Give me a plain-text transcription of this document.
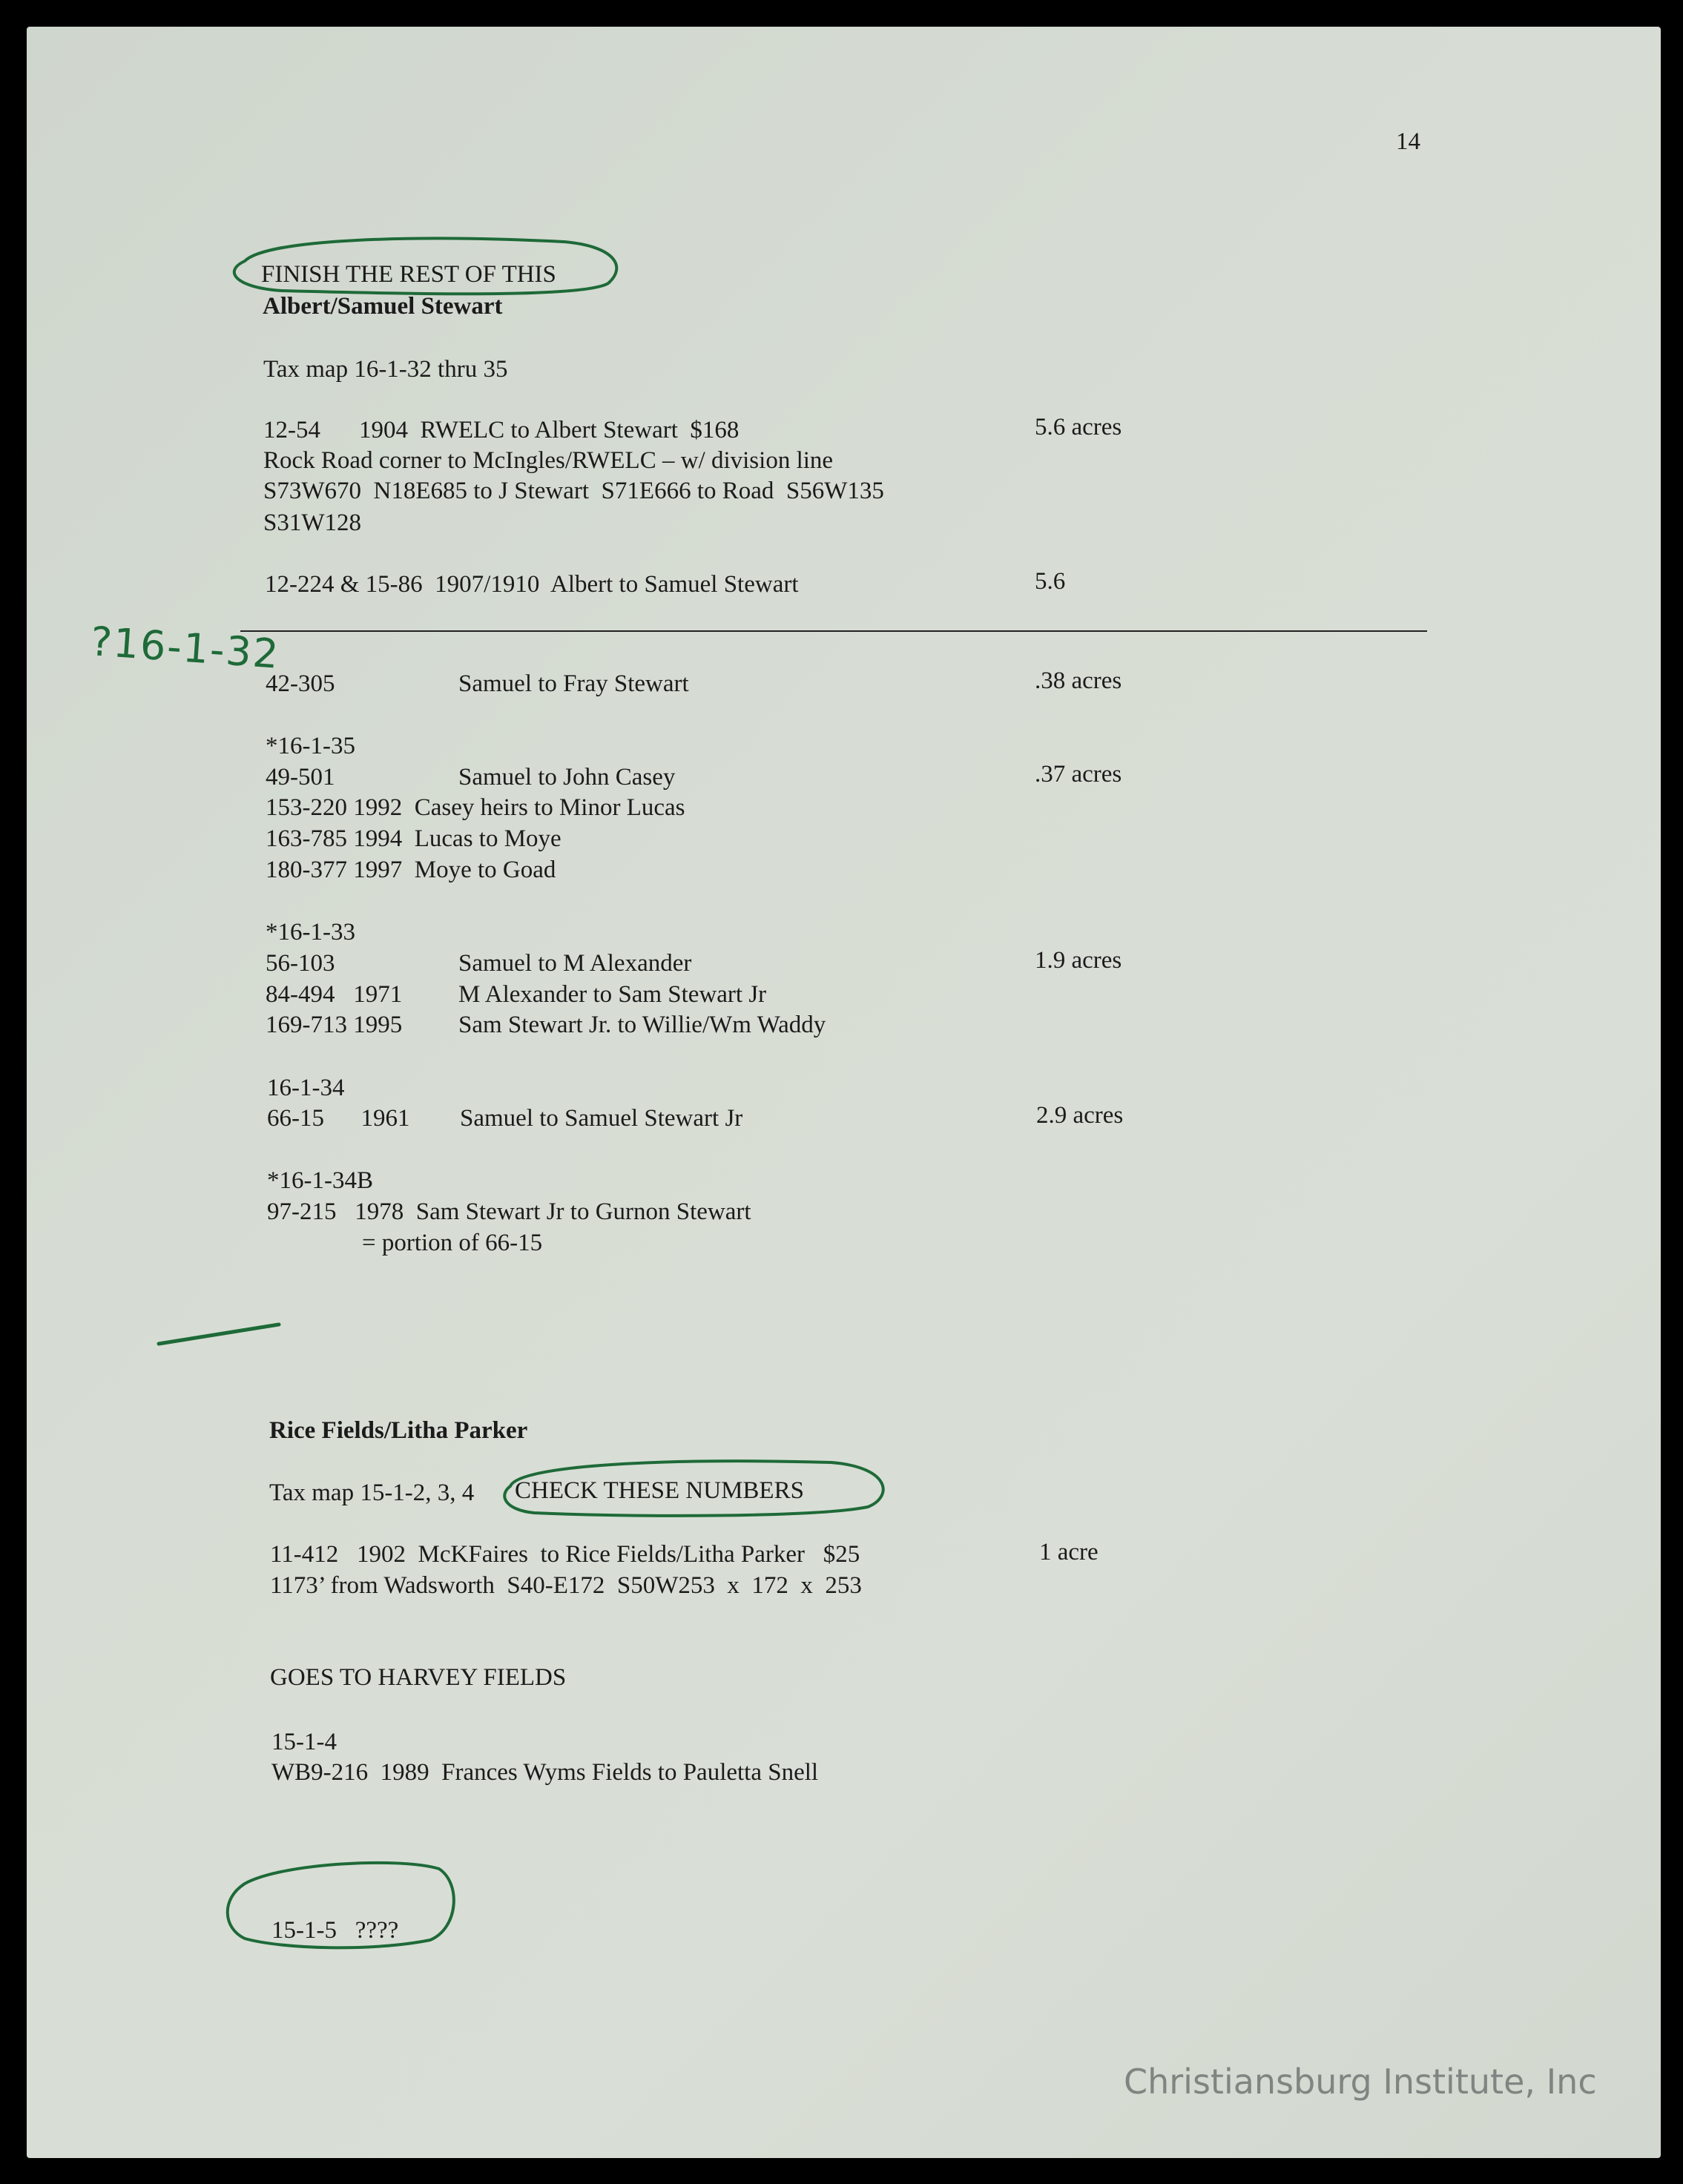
14
FINISH THE REST OF THIS
Albert/Samuel Stewart
Tax map 16-1-32 thru 35
12-54 1904  RWELC to Albert Stewart  $168	5.6 acres
Rock Road corner to McIngles/RWELC – w/ division line
S73W670  N18E685 to J Stewart  S71E666 to Road  S56W135
S31W128
12-224 & 15-86  1907/1910  Albert to Samuel Stewart	5.6
?16-1-32
42-305	Samuel to Fray Stewart	.38 acres
*16-1-35
49-501	Samuel to John Casey	.37 acres
153-220 1992  Casey heirs to Minor Lucas
163-785 1994  Lucas to Moye
180-377 1997  Moye to Goad
*16-1-33
56-103	Samuel to M Alexander	1.9 acres
84-494   1971 M Alexander to Sam Stewart Jr
169-713 1995 Sam Stewart Jr. to Willie/Wm Waddy
16-1-34
66-15      1961 Samuel to Samuel Stewart Jr	2.9 acres
*16-1-34B
97-215   1978  Sam Stewart Jr to Gurnon Stewart
= portion of 66-15
Rice Fields/Litha Parker
Tax map 15-1-2, 3, 4 CHECK THESE NUMBERS
11-412   1902  McKFaires  to Rice Fields/Litha Parker   $25	1 acre
1173’ from Wadsworth  S40-E172  S50W253  x  172  x  253
GOES TO HARVEY FIELDS
15-1-4
WB9-216  1989  Frances Wyms Fields to Pauletta Snell
15-1-5   ????
Christiansburg Institute, Inc
